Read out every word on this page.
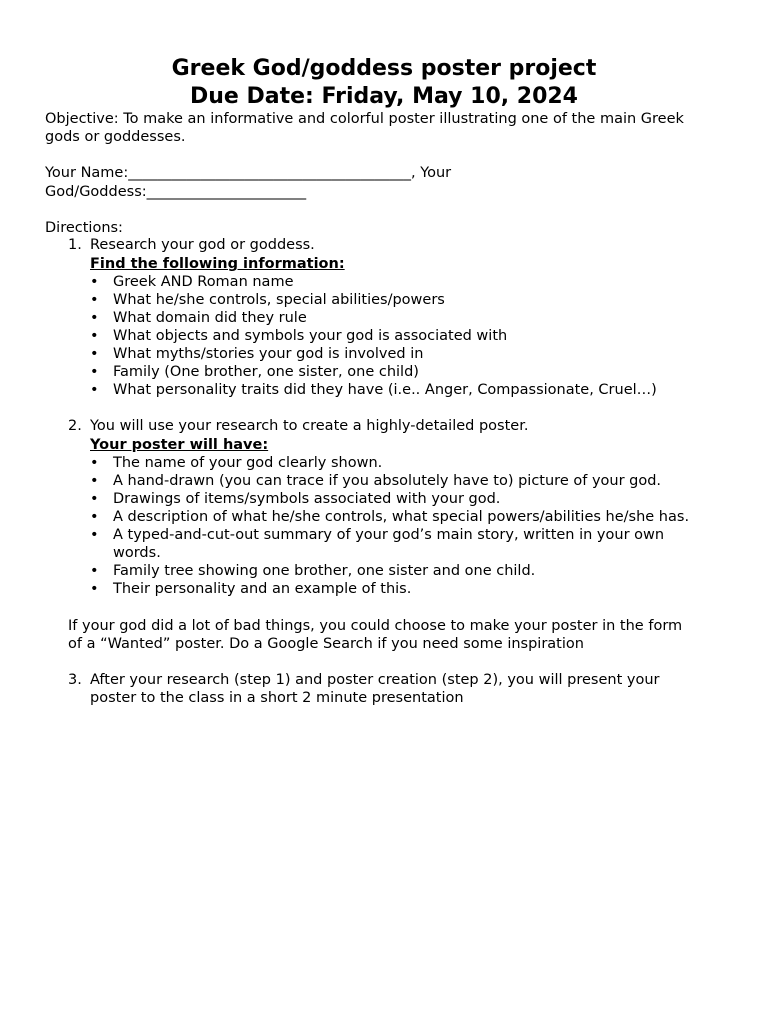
Greek God/goddess poster project
Due Date: Friday, May 10, 2024
Objective: To make an informative and colorful poster illustrating one of the main Greek
gods or goddesses.
Your Name:_______________________________________, Your
God/Goddess:______________________
Directions:
1. Research your god or goddess.
Find the following information:
• Greek AND Roman name
• What he/she controls, special abilities/powers
• What domain did they rule
• What objects and symbols your god is associated with
• What myths/stories your god is involved in
• Family (One brother, one sister, one child)
• What personality traits did they have (i.e.. Anger, Compassionate, Cruel…)
2. You will use your research to create a highly-detailed poster.
Your poster will have:
• The name of your god clearly shown.
• A hand-drawn (you can trace if you absolutely have to) picture of your god.
• Drawings of items/symbols associated with your god.
• A description of what he/she controls, what special powers/abilities he/she has.
• A typed-and-cut-out summary of your god’s main story, written in your own
words.
• Family tree showing one brother, one sister and one child.
• Their personality and an example of this.
If your god did a lot of bad things, you could choose to make your poster in the form
of a “Wanted” poster. Do a Google Search if you need some inspiration
3. After your research (step 1) and poster creation (step 2), you will present your
poster to the class in a short 2 minute presentation
